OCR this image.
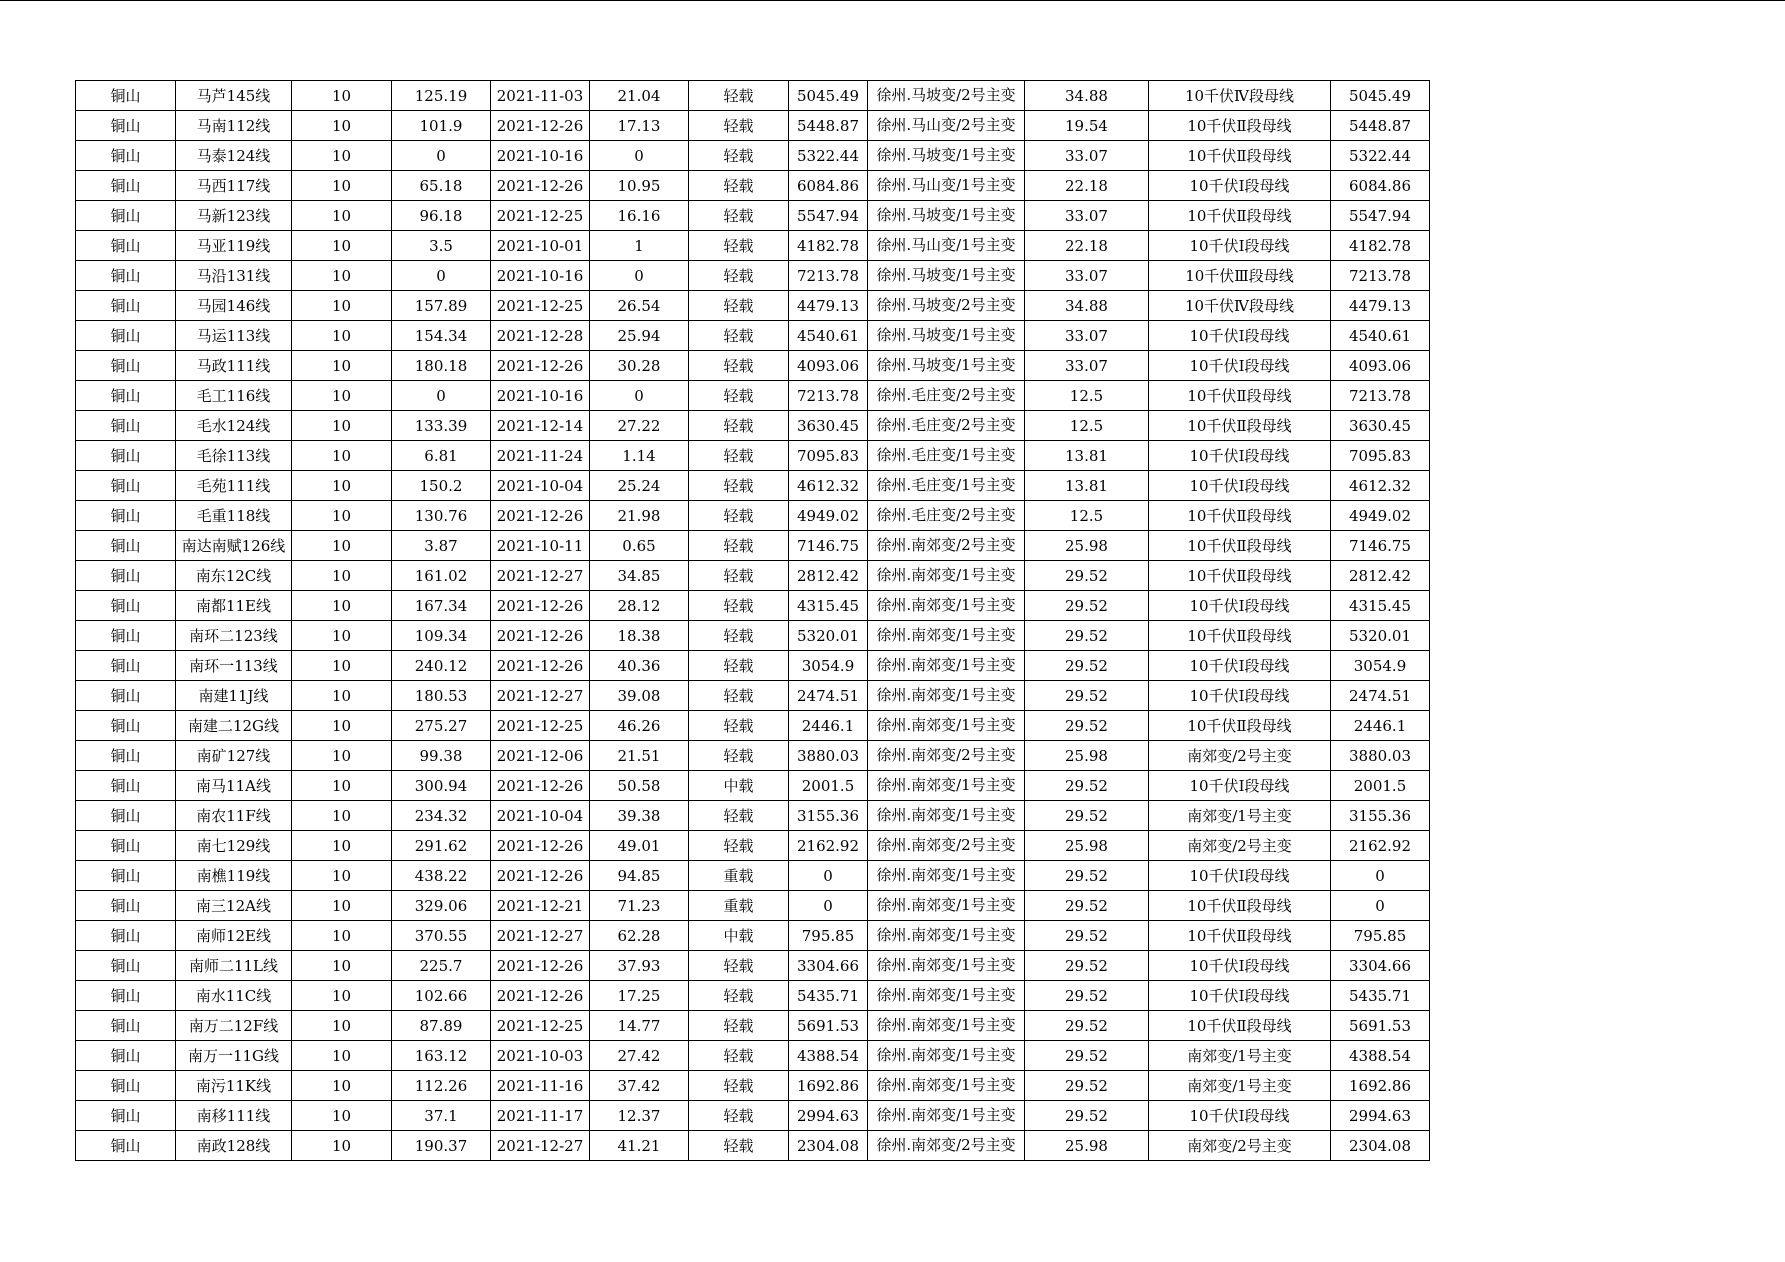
铜山	马芦145线	10	125.19	2021-11-03	21.04	轻载	5045.49	徐州.马坡变/2号主变	34.88	10千伏Ⅳ段母线	5045.49
铜山	马南112线	10	101.9	2021-12-26	17.13	轻载	5448.87	徐州.马山变/2号主变	19.54	10千伏Ⅱ段母线	5448.87
铜山	马泰124线	10	0	2021-10-16	0	轻载	5322.44	徐州.马坡变/1号主变	33.07	10千伏Ⅱ段母线	5322.44
铜山	马西117线	10	65.18	2021-12-26	10.95	轻载	6084.86	徐州.马山变/1号主变	22.18	10千伏Ⅰ段母线	6084.86
铜山	马新123线	10	96.18	2021-12-25	16.16	轻载	5547.94	徐州.马坡变/1号主变	33.07	10千伏Ⅱ段母线	5547.94
铜山	马亚119线	10	3.5	2021-10-01	1	轻载	4182.78	徐州.马山变/1号主变	22.18	10千伏Ⅰ段母线	4182.78
铜山	马沿131线	10	0	2021-10-16	0	轻载	7213.78	徐州.马坡变/1号主变	33.07	10千伏Ⅲ段母线	7213.78
铜山	马园146线	10	157.89	2021-12-25	26.54	轻载	4479.13	徐州.马坡变/2号主变	34.88	10千伏Ⅳ段母线	4479.13
铜山	马运113线	10	154.34	2021-12-28	25.94	轻载	4540.61	徐州.马坡变/1号主变	33.07	10千伏Ⅰ段母线	4540.61
铜山	马政111线	10	180.18	2021-12-26	30.28	轻载	4093.06	徐州.马坡变/1号主变	33.07	10千伏Ⅰ段母线	4093.06
铜山	毛工116线	10	0	2021-10-16	0	轻载	7213.78	徐州.毛庄变/2号主变	12.5	10千伏Ⅱ段母线	7213.78
铜山	毛水124线	10	133.39	2021-12-14	27.22	轻载	3630.45	徐州.毛庄变/2号主变	12.5	10千伏Ⅱ段母线	3630.45
铜山	毛徐113线	10	6.81	2021-11-24	1.14	轻载	7095.83	徐州.毛庄变/1号主变	13.81	10千伏Ⅰ段母线	7095.83
铜山	毛苑111线	10	150.2	2021-10-04	25.24	轻载	4612.32	徐州.毛庄变/1号主变	13.81	10千伏Ⅰ段母线	4612.32
铜山	毛重118线	10	130.76	2021-12-26	21.98	轻载	4949.02	徐州.毛庄变/2号主变	12.5	10千伏Ⅱ段母线	4949.02
铜山	南达南赋126线	10	3.87	2021-10-11	0.65	轻载	7146.75	徐州.南郊变/2号主变	25.98	10千伏Ⅱ段母线	7146.75
铜山	南东12C线	10	161.02	2021-12-27	34.85	轻载	2812.42	徐州.南郊变/1号主变	29.52	10千伏Ⅱ段母线	2812.42
铜山	南都11E线	10	167.34	2021-12-26	28.12	轻载	4315.45	徐州.南郊变/1号主变	29.52	10千伏Ⅰ段母线	4315.45
铜山	南环二123线	10	109.34	2021-12-26	18.38	轻载	5320.01	徐州.南郊变/1号主变	29.52	10千伏Ⅱ段母线	5320.01
铜山	南环一113线	10	240.12	2021-12-26	40.36	轻载	3054.9	徐州.南郊变/1号主变	29.52	10千伏Ⅰ段母线	3054.9
铜山	南建11J线	10	180.53	2021-12-27	39.08	轻载	2474.51	徐州.南郊变/1号主变	29.52	10千伏Ⅰ段母线	2474.51
铜山	南建二12G线	10	275.27	2021-12-25	46.26	轻载	2446.1	徐州.南郊变/1号主变	29.52	10千伏Ⅱ段母线	2446.1
铜山	南矿127线	10	99.38	2021-12-06	21.51	轻载	3880.03	徐州.南郊变/2号主变	25.98	南郊变/2号主变	3880.03
铜山	南马11A线	10	300.94	2021-12-26	50.58	中载	2001.5	徐州.南郊变/1号主变	29.52	10千伏Ⅰ段母线	2001.5
铜山	南农11F线	10	234.32	2021-10-04	39.38	轻载	3155.36	徐州.南郊变/1号主变	29.52	南郊变/1号主变	3155.36
铜山	南七129线	10	291.62	2021-12-26	49.01	轻载	2162.92	徐州.南郊变/2号主变	25.98	南郊变/2号主变	2162.92
铜山	南樵119线	10	438.22	2021-12-26	94.85	重载	0	徐州.南郊变/1号主变	29.52	10千伏Ⅰ段母线	0
铜山	南三12A线	10	329.06	2021-12-21	71.23	重载	0	徐州.南郊变/1号主变	29.52	10千伏Ⅱ段母线	0
铜山	南师12E线	10	370.55	2021-12-27	62.28	中载	795.85	徐州.南郊变/1号主变	29.52	10千伏Ⅱ段母线	795.85
铜山	南师二11L线	10	225.7	2021-12-26	37.93	轻载	3304.66	徐州.南郊变/1号主变	29.52	10千伏Ⅰ段母线	3304.66
铜山	南水11C线	10	102.66	2021-12-26	17.25	轻载	5435.71	徐州.南郊变/1号主变	29.52	10千伏Ⅰ段母线	5435.71
铜山	南万二12F线	10	87.89	2021-12-25	14.77	轻载	5691.53	徐州.南郊变/1号主变	29.52	10千伏Ⅱ段母线	5691.53
铜山	南万一11G线	10	163.12	2021-10-03	27.42	轻载	4388.54	徐州.南郊变/1号主变	29.52	南郊变/1号主变	4388.54
铜山	南污11K线	10	112.26	2021-11-16	37.42	轻载	1692.86	徐州.南郊变/1号主变	29.52	南郊变/1号主变	1692.86
铜山	南移111线	10	37.1	2021-11-17	12.37	轻载	2994.63	徐州.南郊变/1号主变	29.52	10千伏Ⅰ段母线	2994.63
铜山	南政128线	10	190.37	2021-12-27	41.21	轻载	2304.08	徐州.南郊变/2号主变	25.98	南郊变/2号主变	2304.08
